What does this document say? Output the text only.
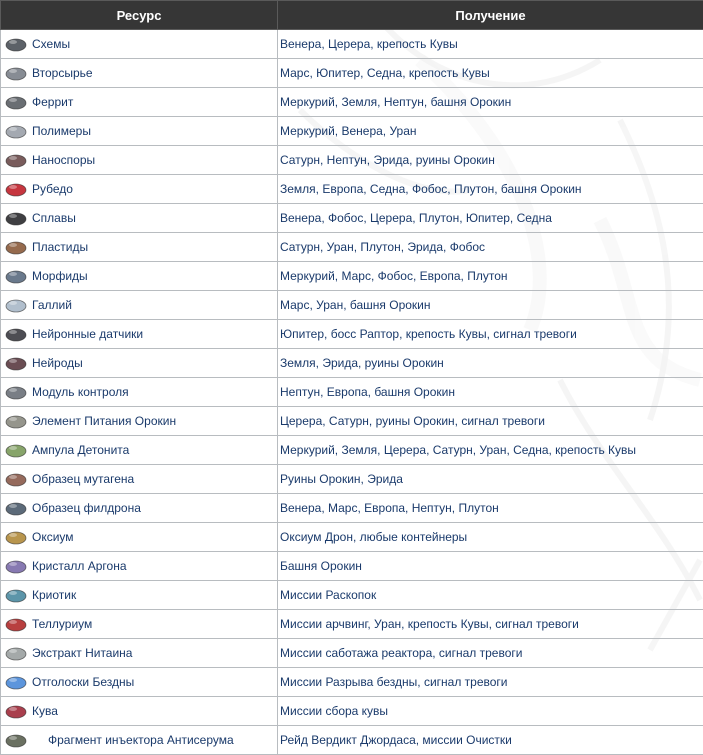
Ресурс	Получение

Схемы	Венера, Церера, крепость Кувы

Вторсырье	Марс, Юпитер, Седна, крепость Кувы

Феррит	Меркурий, Земля, Нептун, башня Орокин

Полимеры	Меркурий, Венера, Уран

Наноспоры	Сатурн, Нептун, Эрида, руины Орокин

Рубедо	Земля, Европа, Седна, Фобос, Плутон, башня Орокин

Сплавы	Венера, Фобос, Церера, Плутон, Юпитер, Седна

Пластиды	Сатурн, Уран, Плутон, Эрида, Фобос

Морфиды	Меркурий, Марс, Фобос, Европа, Плутон

Галлий	Марс, Уран, башня Орокин

Нейронные датчики	Юпитер, босс Раптор, крепость Кувы, сигнал тревоги

Нейроды	Земля, Эрида, руины Орокин

Модуль контроля	Нептун, Европа, башня Орокин

Элемент Питания Орокин	Церера, Сатурн, руины Орокин, сигнал тревоги

Ампула Детонита	Меркурий, Земля, Церера, Сатурн, Уран, Седна, крепость Кувы

Образец мутагена	Руины Орокин, Эрида

Образец филдрона	Венера, Марс, Европа, Нептун, Плутон

Оксиум	Оксиум Дрон, любые контейнеры

Кристалл Аргона	Башня Орокин

Криотик	Миссии Раскопок

Теллуриум	Миссии арчвинг, Уран, крепость Кувы, сигнал тревоги

Экстракт Нитаина	Миссии саботажа реактора, сигнал тревоги

Отголоски Бездны	Миссии Разрыва бездны, сигнал тревоги

Кува	Миссии сбора кувы

Фрагмент инъектора Антисерума	Рейд Вердикт Джордаса, миссии Очистки
